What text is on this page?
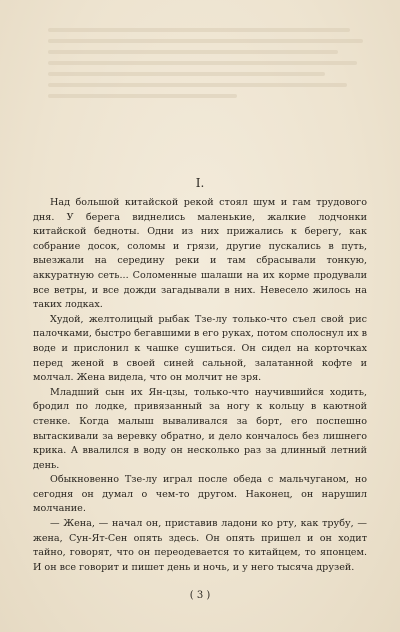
I.

Над большой китайской рекой стоял шум и гам трудового дня. У берега виднелись маленькие, жалкие лодчонки китайской бедноты. Одни из них прижались к берегу, как собрание досок, соломы и грязи, другие пускались в путь, выезжали на середину реки и там сбрасывали тонкую, аккуратную сеть... Соломенные шалаши на их корме продували все ветры, и все дожди загадывали в них. Невесело жилось на таких лодках.

Худой, желтолицый рыбак Тзе-лу только-что съел свой рис палочками, быстро бегавшими в его руках, потом сполоснул их в воде и прислонил к чашке сушиться. Он сидел на корточках перед женой в своей синей сальной, залатанной кофте и молчал. Жена видела, что он молчит не зря.

Младший сын их Ян-цзы, только-что научившийся ходить, бродил по лодке, привязанный за ногу к кольцу в каютной стенке. Когда малыш вываливался за борт, его поспешно вытаскивали за веревку обратно, и дело кончалось без лишнего крика. А ввалился в воду он несколько раз за длинный летний день.

Обыкновенно Тзе-лу играл после обеда с мальчуганом, но сегодня он думал о чем-то другом. Наконец, он нарушил молчание.

— Жена, — начал он, приставив ладони ко рту, как трубу, — жена, Сун-Ят-Сен опять здесь. Он опять пришел и он ходит тайно, говорят, что он переодевается то китайцем, то японцем. И он все говорит и пишет день и ночь, и у него тысяча друзей.

( 3 )
